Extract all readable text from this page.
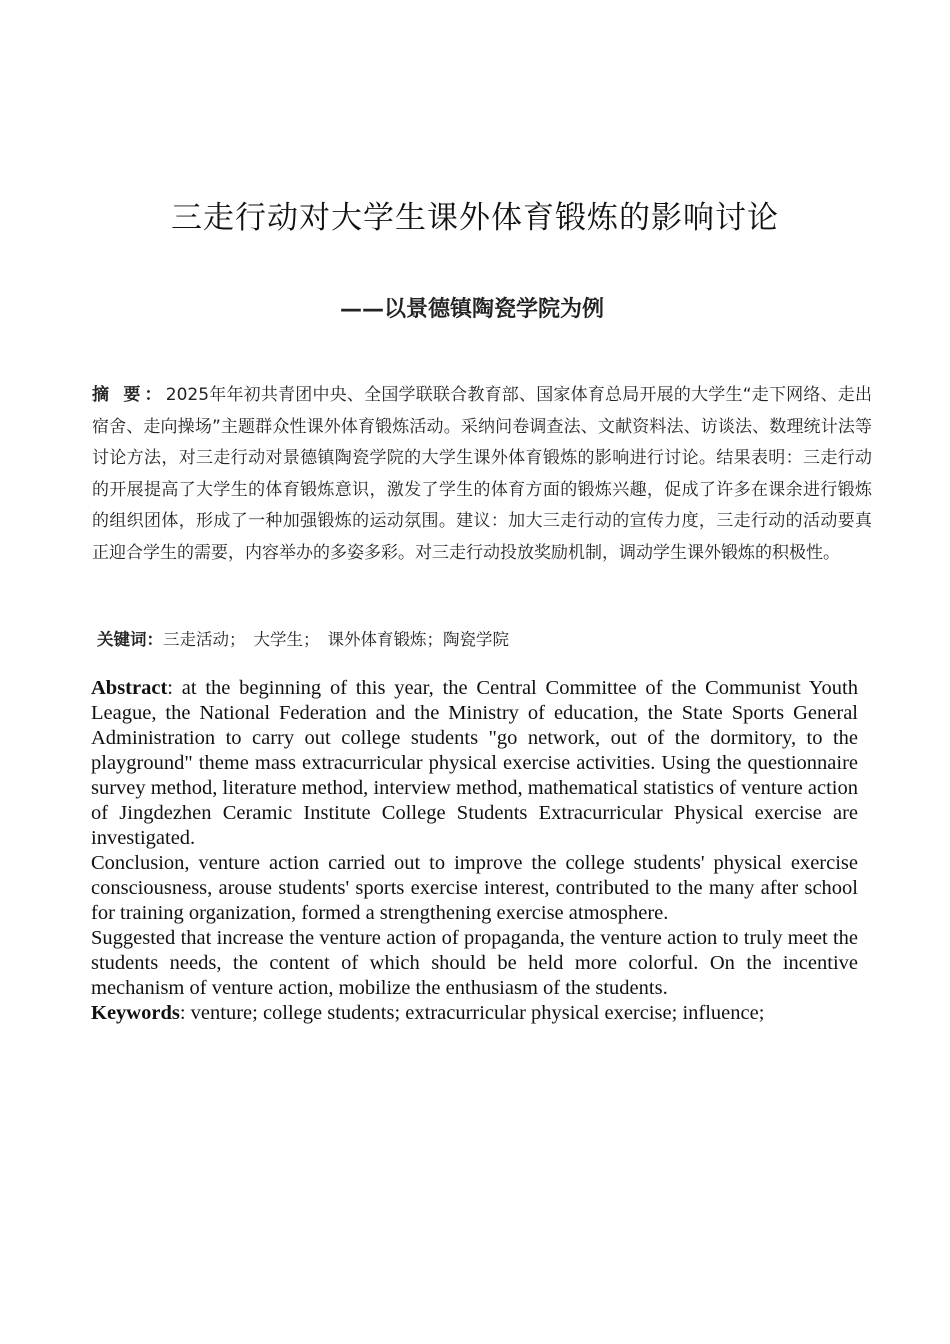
三走行动对大学生课外体育锻炼的影响讨论
——以景德镇陶瓷学院为例

摘 要：2025年年初共青团中央、全国学联联合教育部、国家体育总局开展的大学生“走下网络、走出宿舍、走向操场”主题群众性课外体育锻炼活动。采纳问卷调查法、文献资料法、访谈法、数理统计法等讨论方法，对三走行动对景德镇陶瓷学院的大学生课外体育锻炼的影响进行讨论。结果表明：三走行动的开展提高了大学生的体育锻炼意识，激发了学生的体育方面的锻炼兴趣，促成了许多在课余进行锻炼的组织团体，形成了一种加强锻炼的运动氛围。建议：加大三走行动的宣传力度，三走行动的活动要真正迎合学生的需要，内容举办的多姿多彩。对三走行动投放奖励机制，调动学生课外锻炼的积极性。

关键词：三走活动； 大学生； 课外体育锻炼；陶瓷学院

Abstract: at the beginning of this year, the Central Committee of the Communist Youth League, the National Federation and the Ministry of education, the State Sports General Administration to carry out college students "go network, out of the dormitory, to the playground" theme mass extracurricular physical exercise activities. Using the questionnaire survey method, literature method, interview method, mathematical statistics of venture action of Jingdezhen Ceramic Institute College Students Extracurricular Physical exercise are investigated.

Conclusion, venture action carried out to improve the college students' physical exercise consciousness, arouse students' sports exercise interest, contributed to the many after school for training organization, formed a strengthening exercise atmosphere.

Suggested that increase the venture action of propaganda, the venture action to truly meet the students needs, the content of which should be held more colorful. On the incentive mechanism of venture action, mobilize the enthusiasm of the students.

Keywords: venture; college students; extracurricular physical exercise; influence;
